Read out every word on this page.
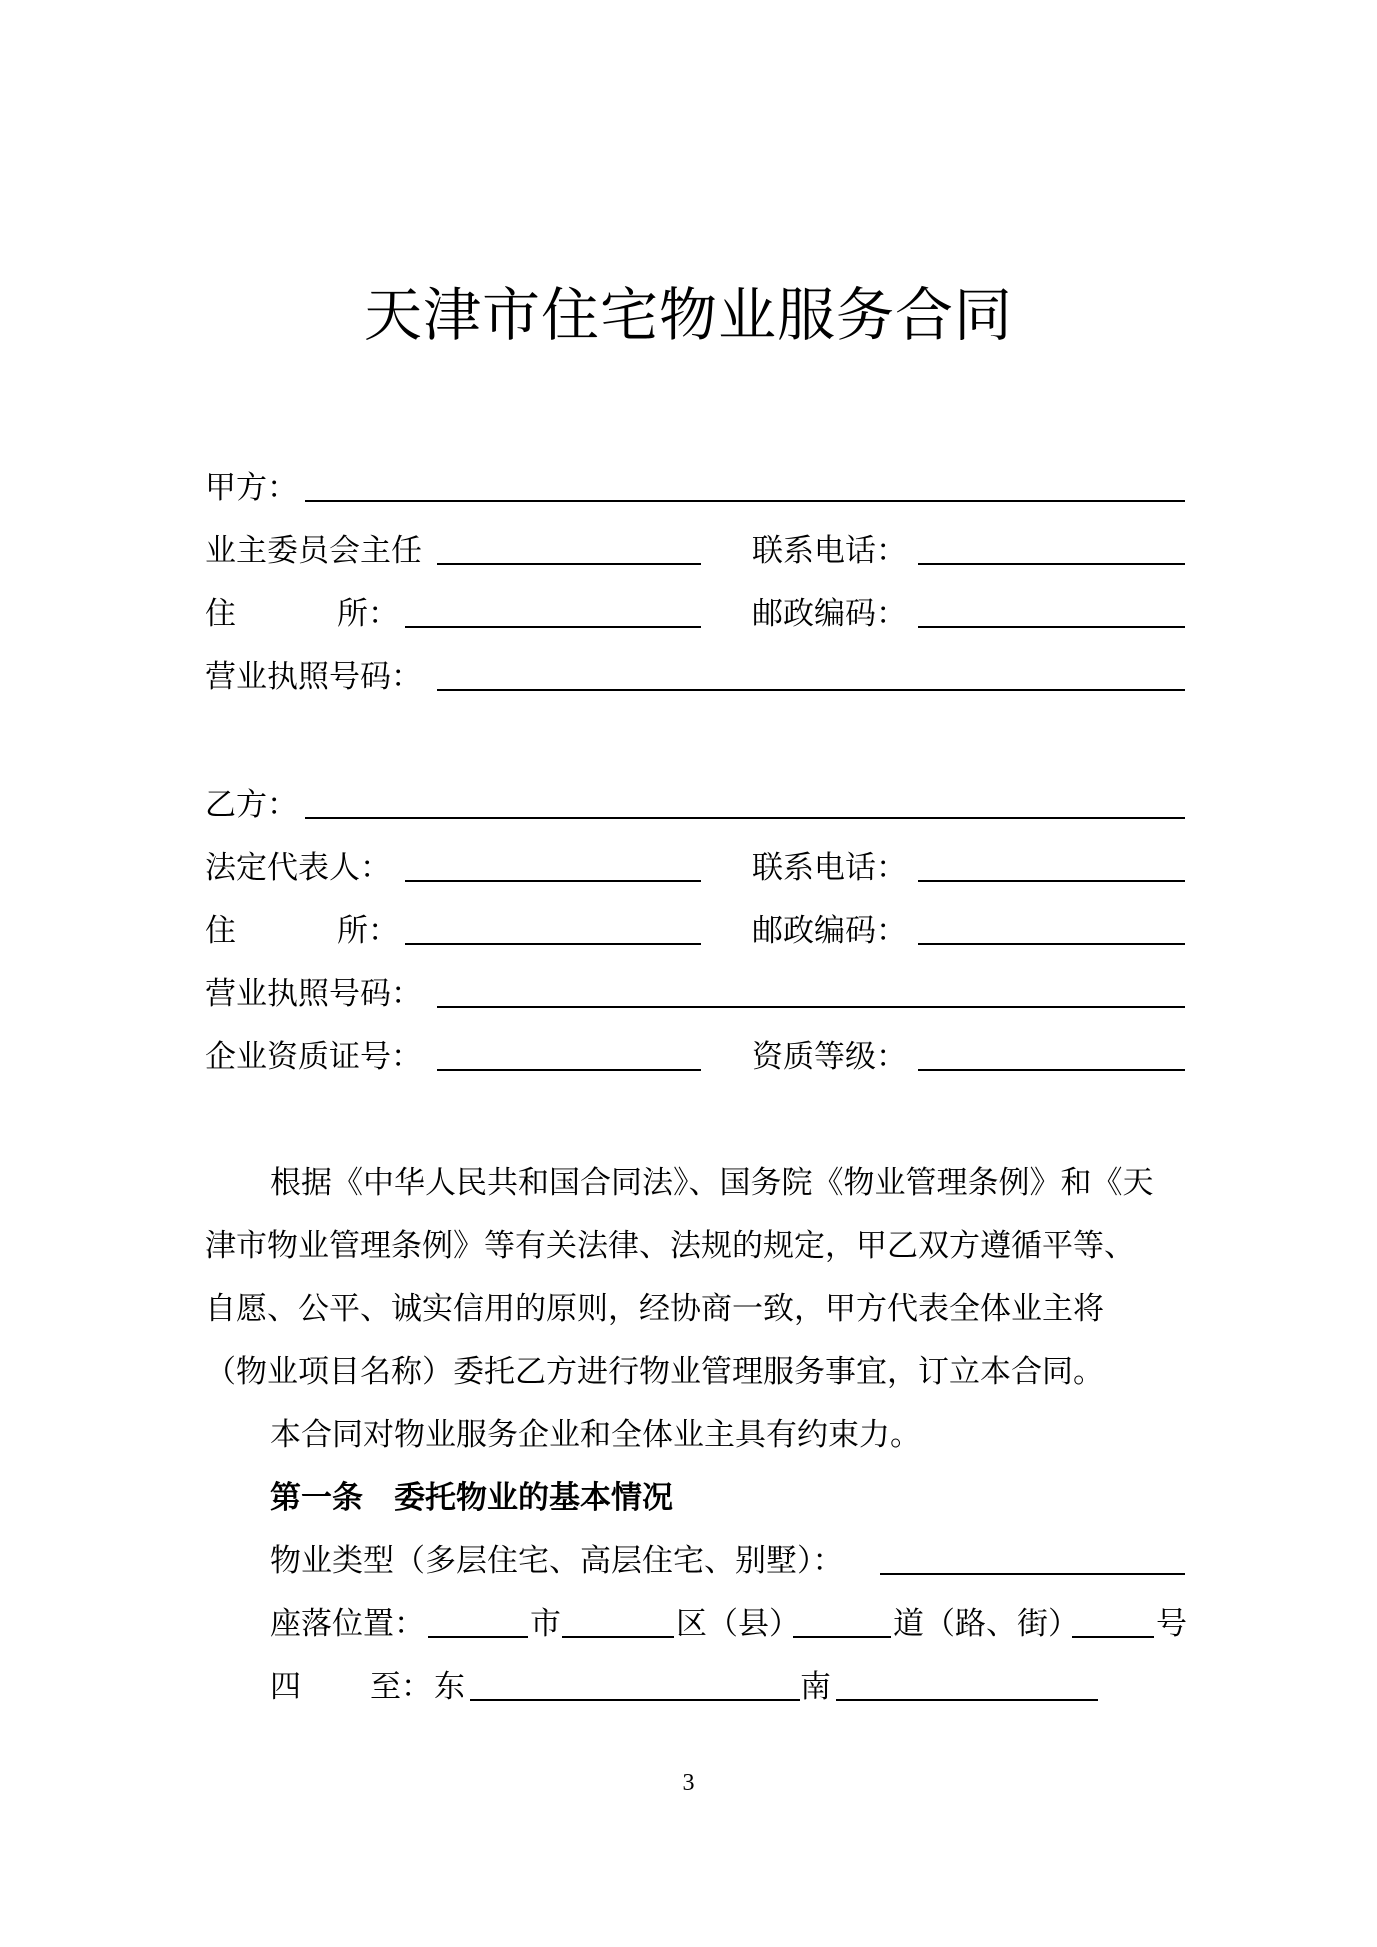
天津市住宅物业服务合同
甲方：
业主委员会主任	联系电话：
住	所：	邮政编码：
营业执照号码：
乙方：
法定代表人：	联系电话：
住	所：	邮政编码：
营业执照号码：
企业资质证号：	资质等级：
根据《中华人民共和国合同法》、国务院《物业管理条例》和《天
津市物业管理条例》等有关法律、法规的规定，甲乙双方遵循平等、
自愿、公平、诚实信用的原则，经协商一致，甲方代表全体业主将
（物业项目名称）委托乙方进行物业管理服务事宜，订立本合同。
本合同对物业服务企业和全体业主具有约束力。
第一条　委托物业的基本情况
物业类型（多层住宅、高层住宅、别墅）：
座落位置：	市	区（县）	道（路、街） 号
四 至： 东	南
3
